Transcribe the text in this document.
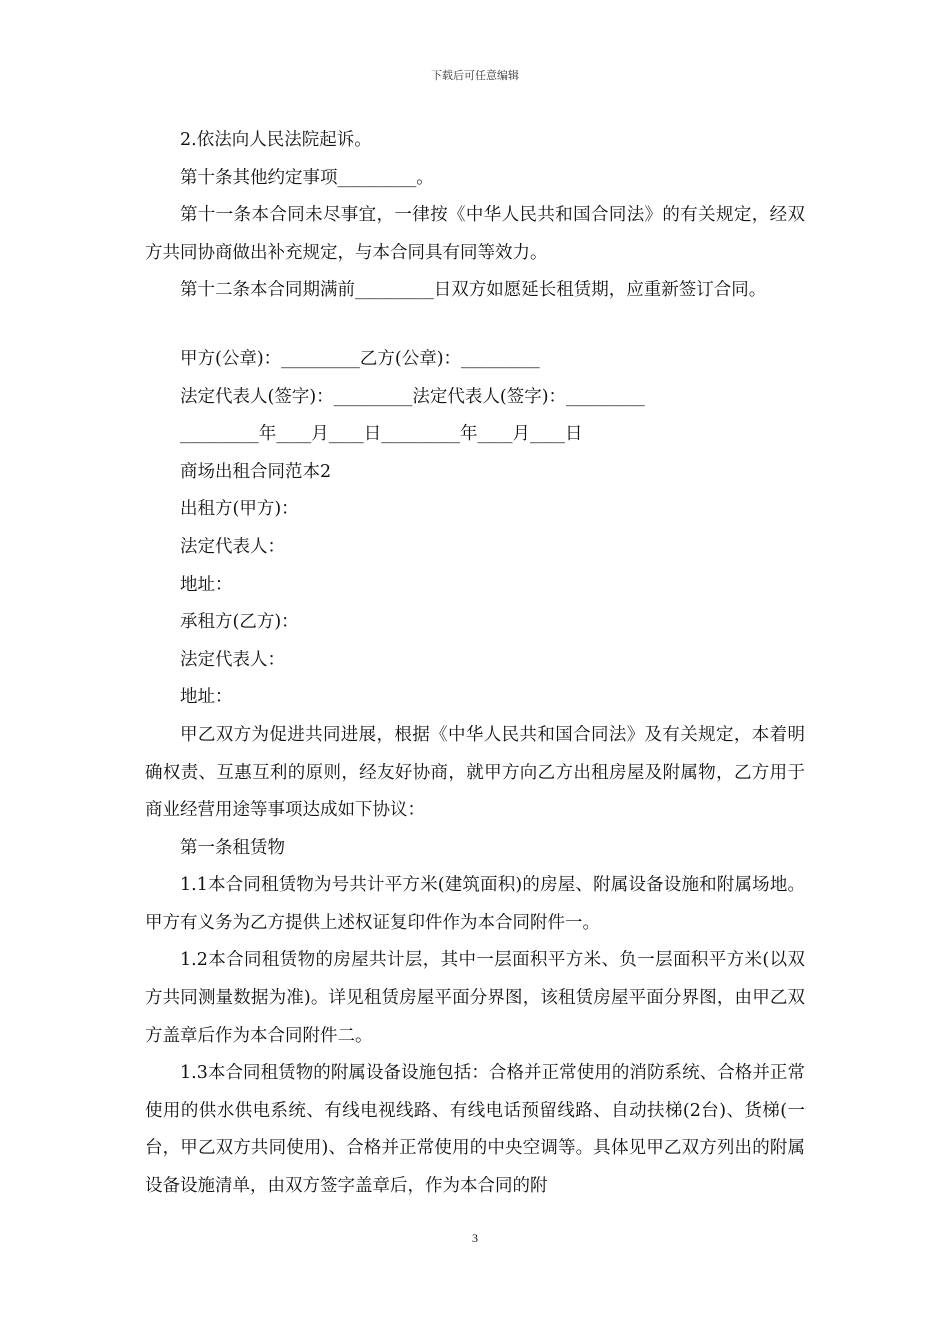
下载后可任意编辑

2.依法向人民法院起诉。

第十条其他约定事项_________。

第十一条本合同未尽事宜，一律按《中华人民共和国合同法》的有关规定，经双方共同协商做出补充规定，与本合同具有同等效力。

第十二条本合同期满前_________日双方如愿延长租赁期，应重新签订合同。

甲方(公章)：_________乙方(公章)：_________

法定代表人(签字)：_________法定代表人(签字)：_________

_________年____月____日_________年____月____日

商场出租合同范本2

出租方(甲方)：

法定代表人：

地址：

承租方(乙方)：

法定代表人：

地址：

甲乙双方为促进共同进展，根据《中华人民共和国合同法》及有关规定，本着明确权责、互惠互利的原则，经友好协商，就甲方向乙方出租房屋及附属物，乙方用于商业经营用途等事项达成如下协议：

第一条租赁物

1.1本合同租赁物为号共计平方米(建筑面积)的房屋、附属设备设施和附属场地。甲方有义务为乙方提供上述权证复印件作为本合同附件一。

1.2本合同租赁物的房屋共计层，其中一层面积平方米、负一层面积平方米(以双方共同测量数据为准)。详见租赁房屋平面分界图，该租赁房屋平面分界图，由甲乙双方盖章后作为本合同附件二。

1.3本合同租赁物的附属设备设施包括：合格并正常使用的消防系统、合格并正常使用的供水供电系统、有线电视线路、有线电话预留线路、自动扶梯(2台)、货梯(一台，甲乙双方共同使用)、合格并正常使用的中央空调等。具体见甲乙双方列出的附属设备设施清单，由双方签字盖章后，作为本合同的附

3
